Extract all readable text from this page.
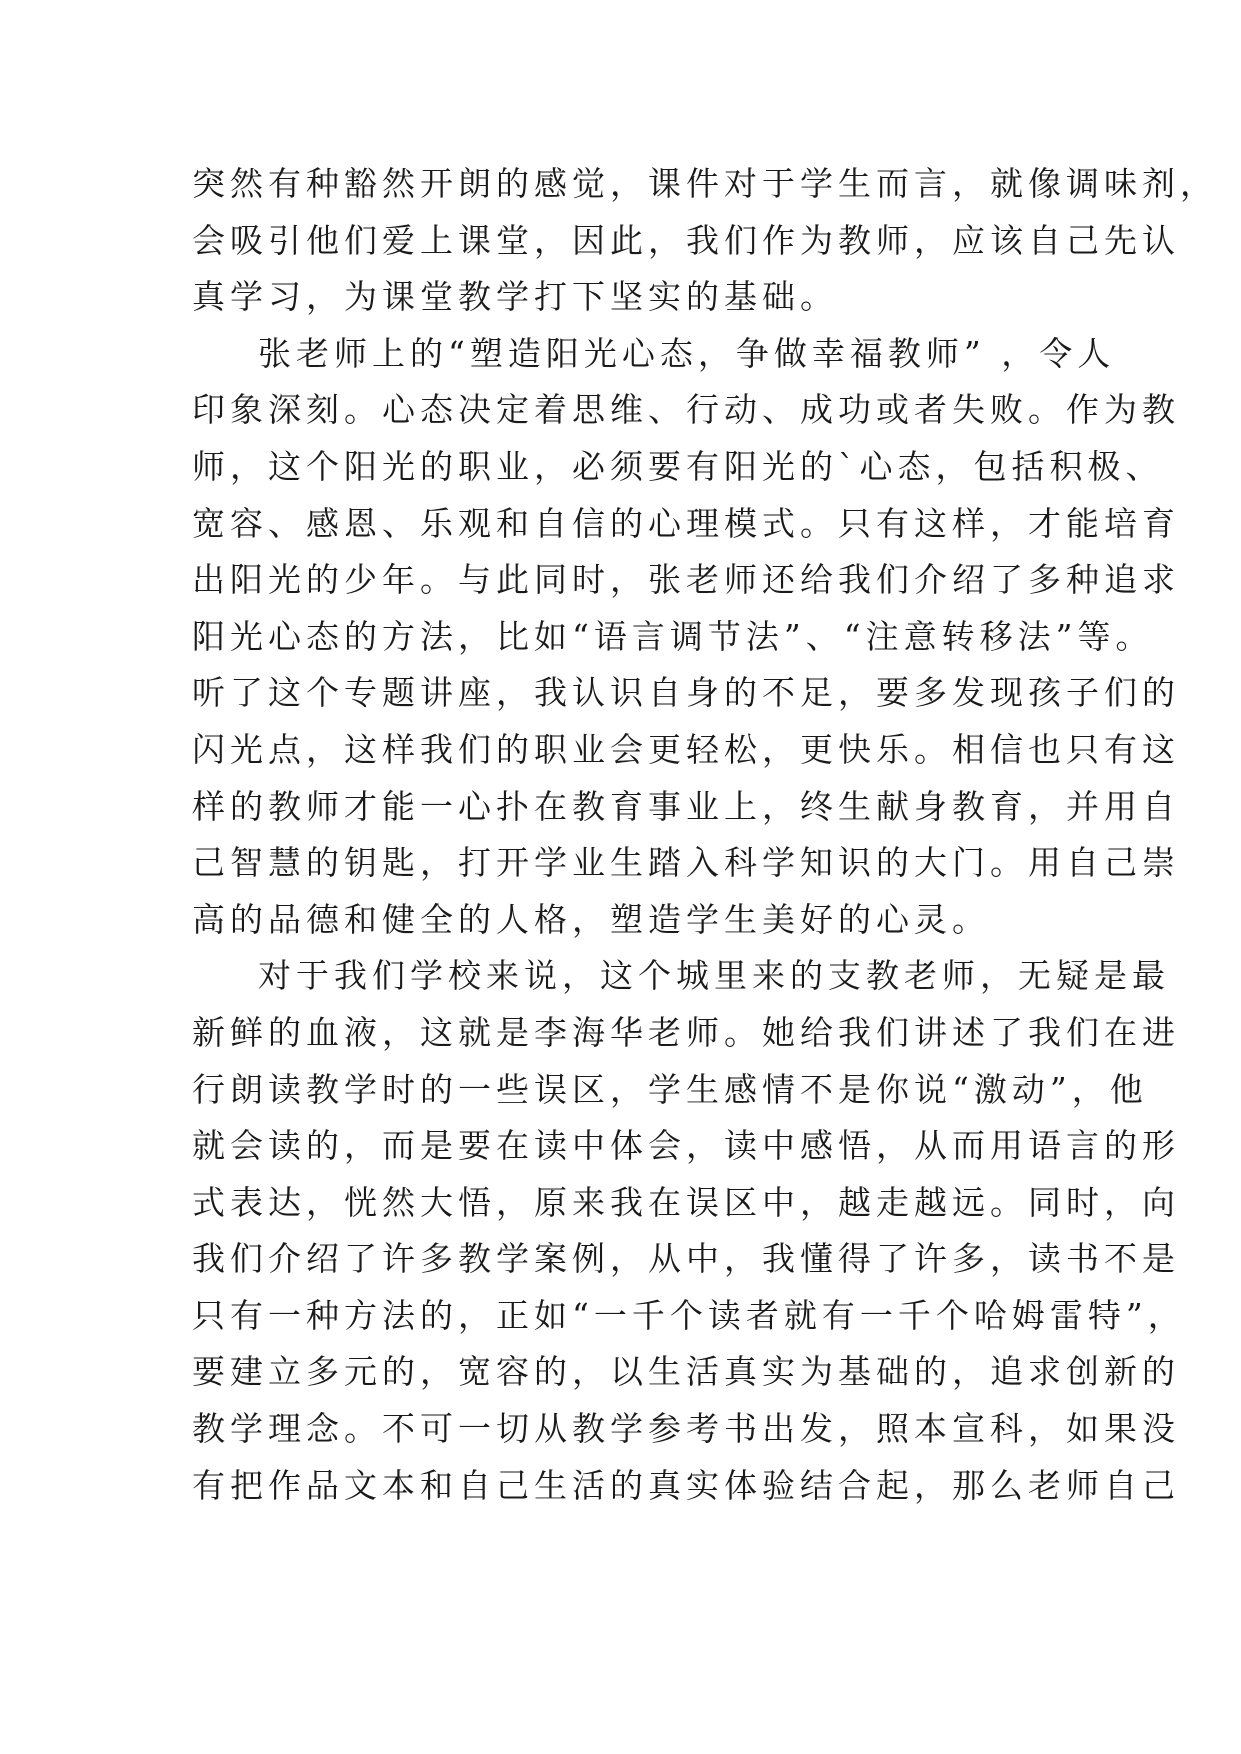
突然有种豁然开朗的感觉，课件对于学生而言，就像调味剂，
会吸引他们爱上课堂，因此，我们作为教师，应该自己先认
真学习，为课堂教学打下坚实的基础。
张老师上的“塑造阳光心态，争做幸福教师” ，令人
印象深刻。心态决定着思维、行动、成功或者失败。作为教
师，这个阳光的职业，必须要有阳光的`心态，包括积极、
宽容、感恩、乐观和自信的心理模式。只有这样，才能培育
出阳光的少年。与此同时，张老师还给我们介绍了多种追求
阳光心态的方法，比如“语言调节法”、“注意转移法”等。
听了这个专题讲座，我认识自身的不足，要多发现孩子们的
闪光点，这样我们的职业会更轻松，更快乐。相信也只有这
样的教师才能一心扑在教育事业上，终生献身教育，并用自
己智慧的钥匙，打开学业生踏入科学知识的大门。用自己崇
高的品德和健全的人格，塑造学生美好的心灵。
对于我们学校来说，这个城里来的支教老师，无疑是最
新鲜的血液，这就是李海华老师。她给我们讲述了我们在进
行朗读教学时的一些误区，学生感情不是你说“激动”，他
就会读的，而是要在读中体会，读中感悟，从而用语言的形
式表达，恍然大悟，原来我在误区中，越走越远。同时，向
我们介绍了许多教学案例，从中，我懂得了许多，读书不是
只有一种方法的，正如“一千个读者就有一千个哈姆雷特”，
要建立多元的，宽容的，以生活真实为基础的，追求创新的
教学理念。不可一切从教学参考书出发，照本宣科，如果没
有把作品文本和自己生活的真实体验结合起，那么老师自己
